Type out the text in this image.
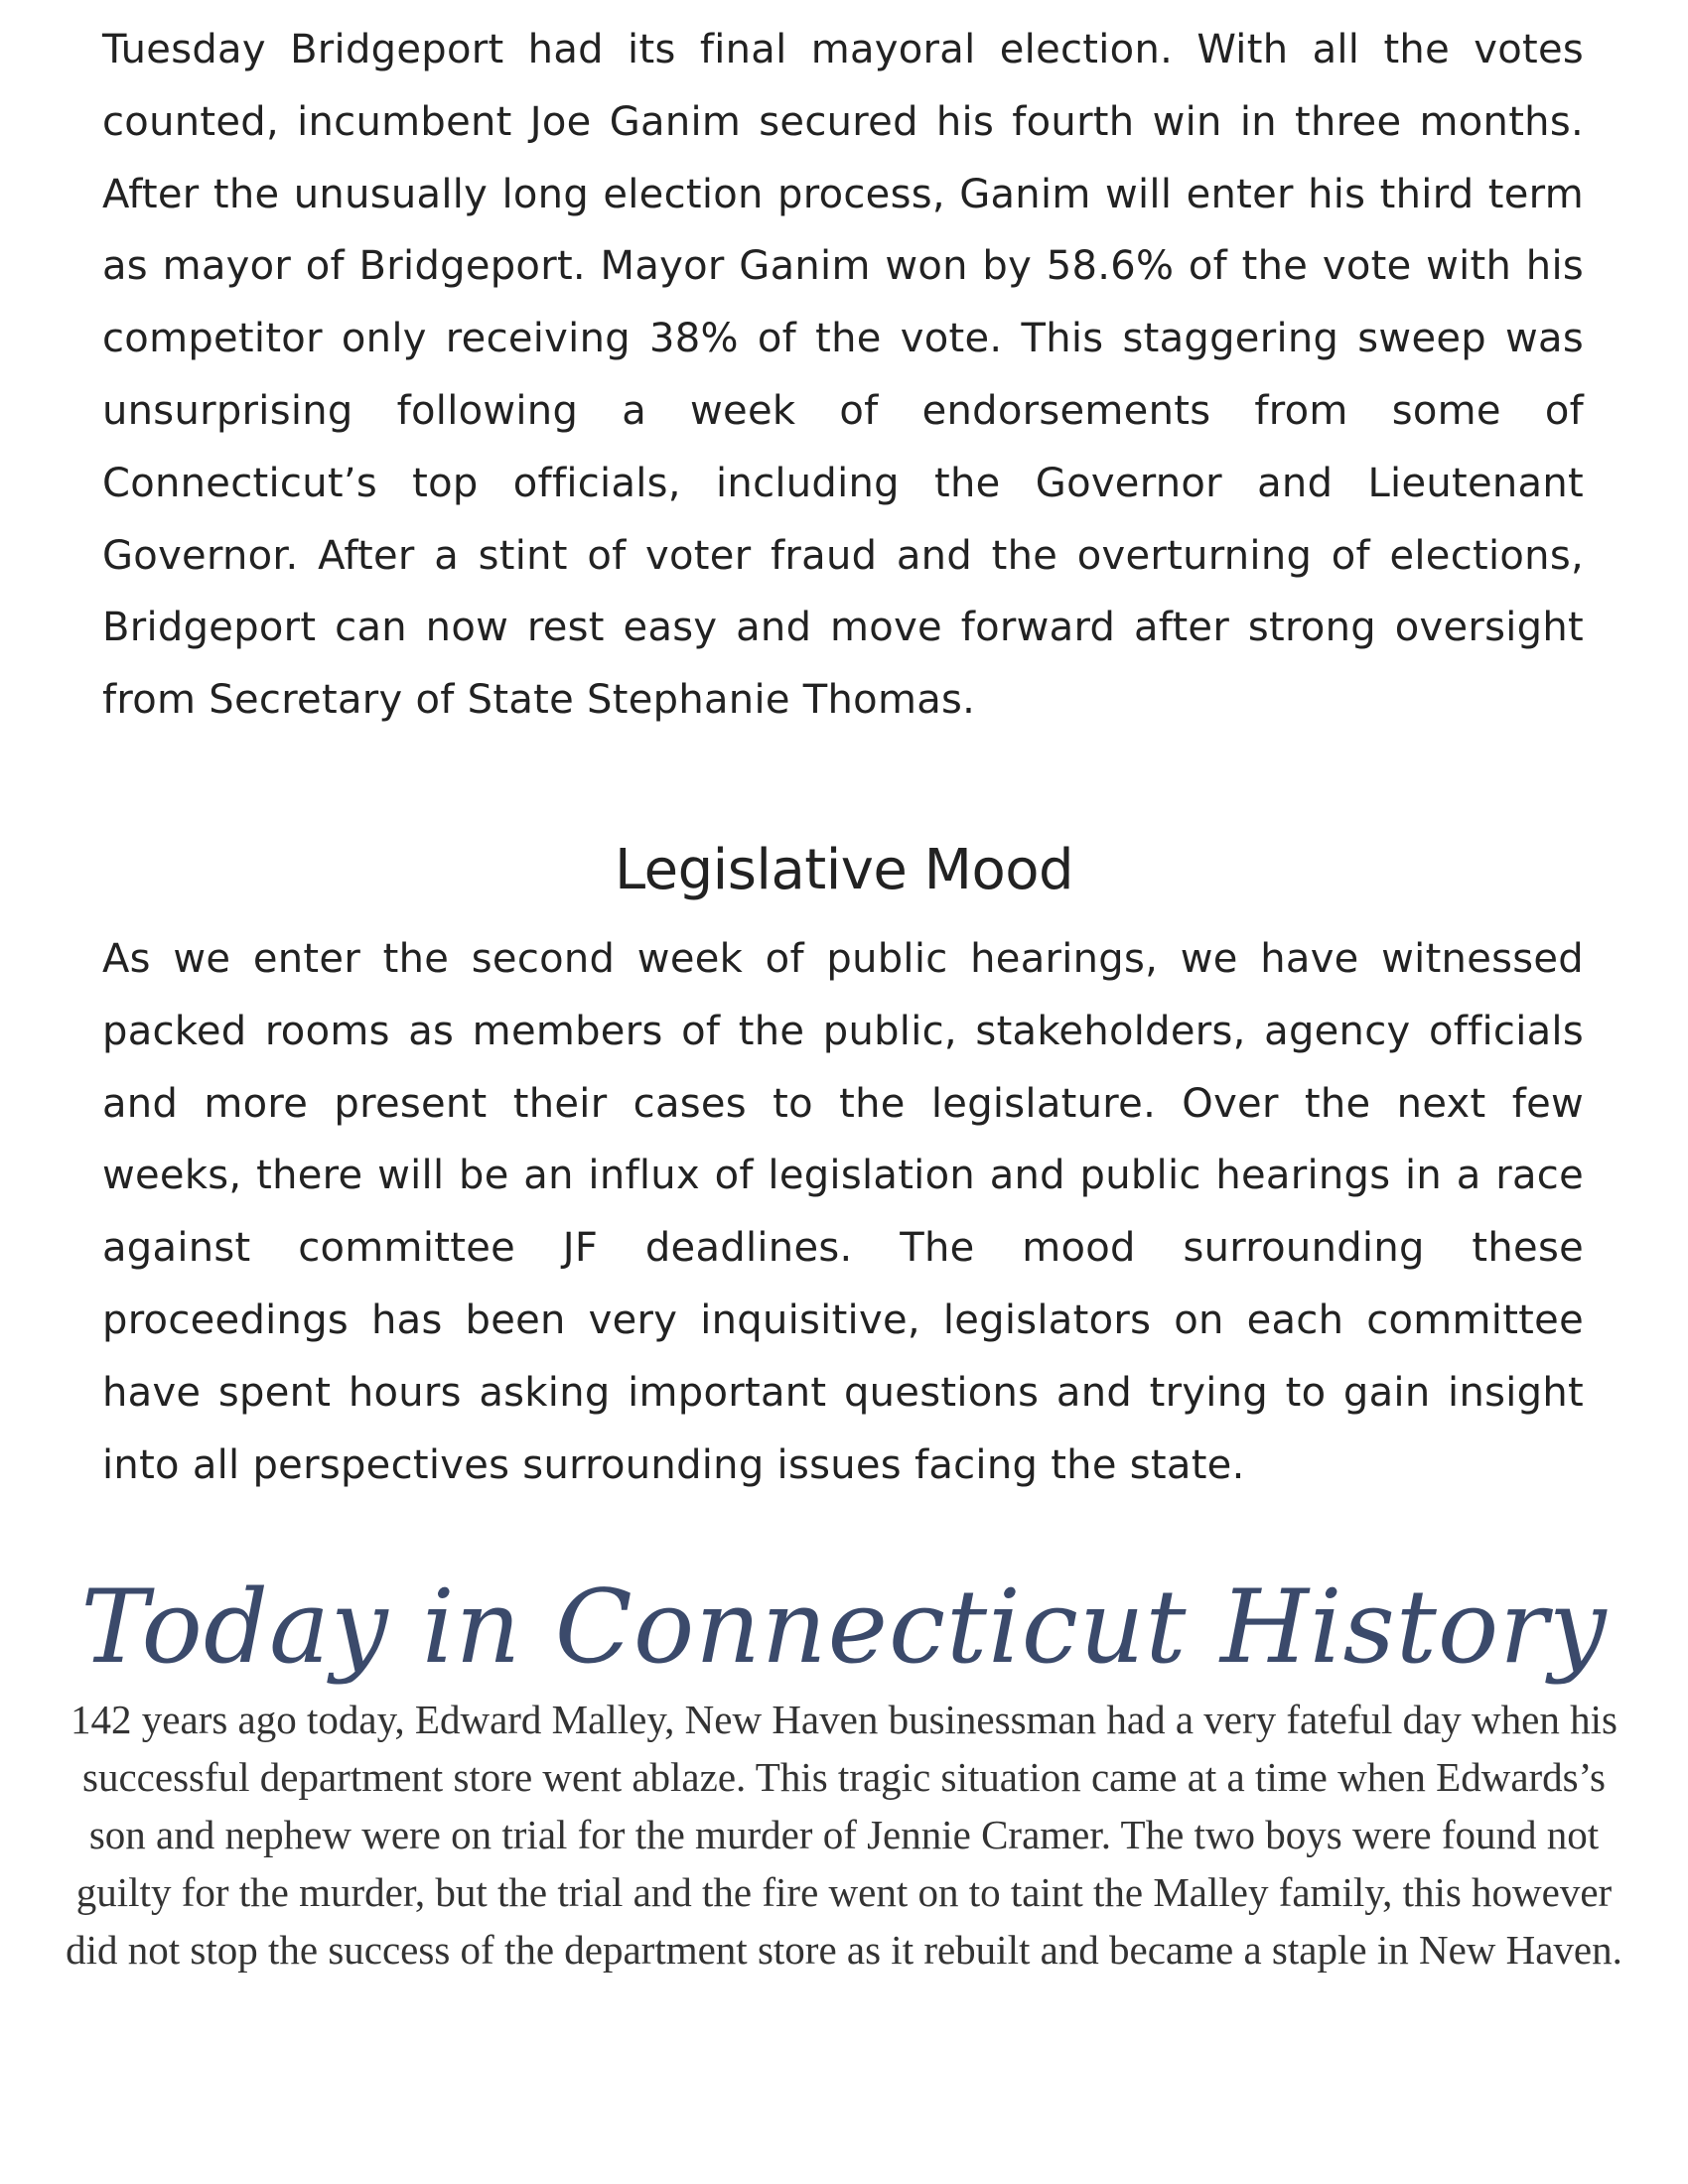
Tuesday Bridgeport had its final mayoral election. With all the votes counted, incumbent Joe Ganim secured his fourth win in three months. After the unusually long election process, Ganim will enter his third term as mayor of Bridgeport. Mayor Ganim won by 58.6% of the vote with his competitor only receiving 38% of the vote. This staggering sweep was unsurprising following a week of endorsements from some of Connecticut’s top officials, including the Governor and Lieutenant Governor. After a stint of voter fraud and the overturning of elections, Bridgeport can now rest easy and move forward after strong oversight from Secretary of State Stephanie Thomas.

Legislative Mood

As we enter the second week of public hearings, we have witnessed packed rooms as members of the public, stakeholders, agency officials and more present their cases to the legislature. Over the next few weeks, there will be an influx of legislation and public hearings in a race against committee JF deadlines. The mood surrounding these proceedings has been very inquisitive, legislators on each committee have spent hours asking important questions and trying to gain insight into all perspectives surrounding issues facing the state.

Today in Connecticut History

142 years ago today, Edward Malley, New Haven businessman had a very fateful day when his successful department store went ablaze. This tragic situation came at a time when Edwards’s son and nephew were on trial for the murder of Jennie Cramer. The two boys were found not guilty for the murder, but the trial and the fire went on to taint the Malley family, this however did not stop the success of the department store as it rebuilt and became a staple in New Haven.
